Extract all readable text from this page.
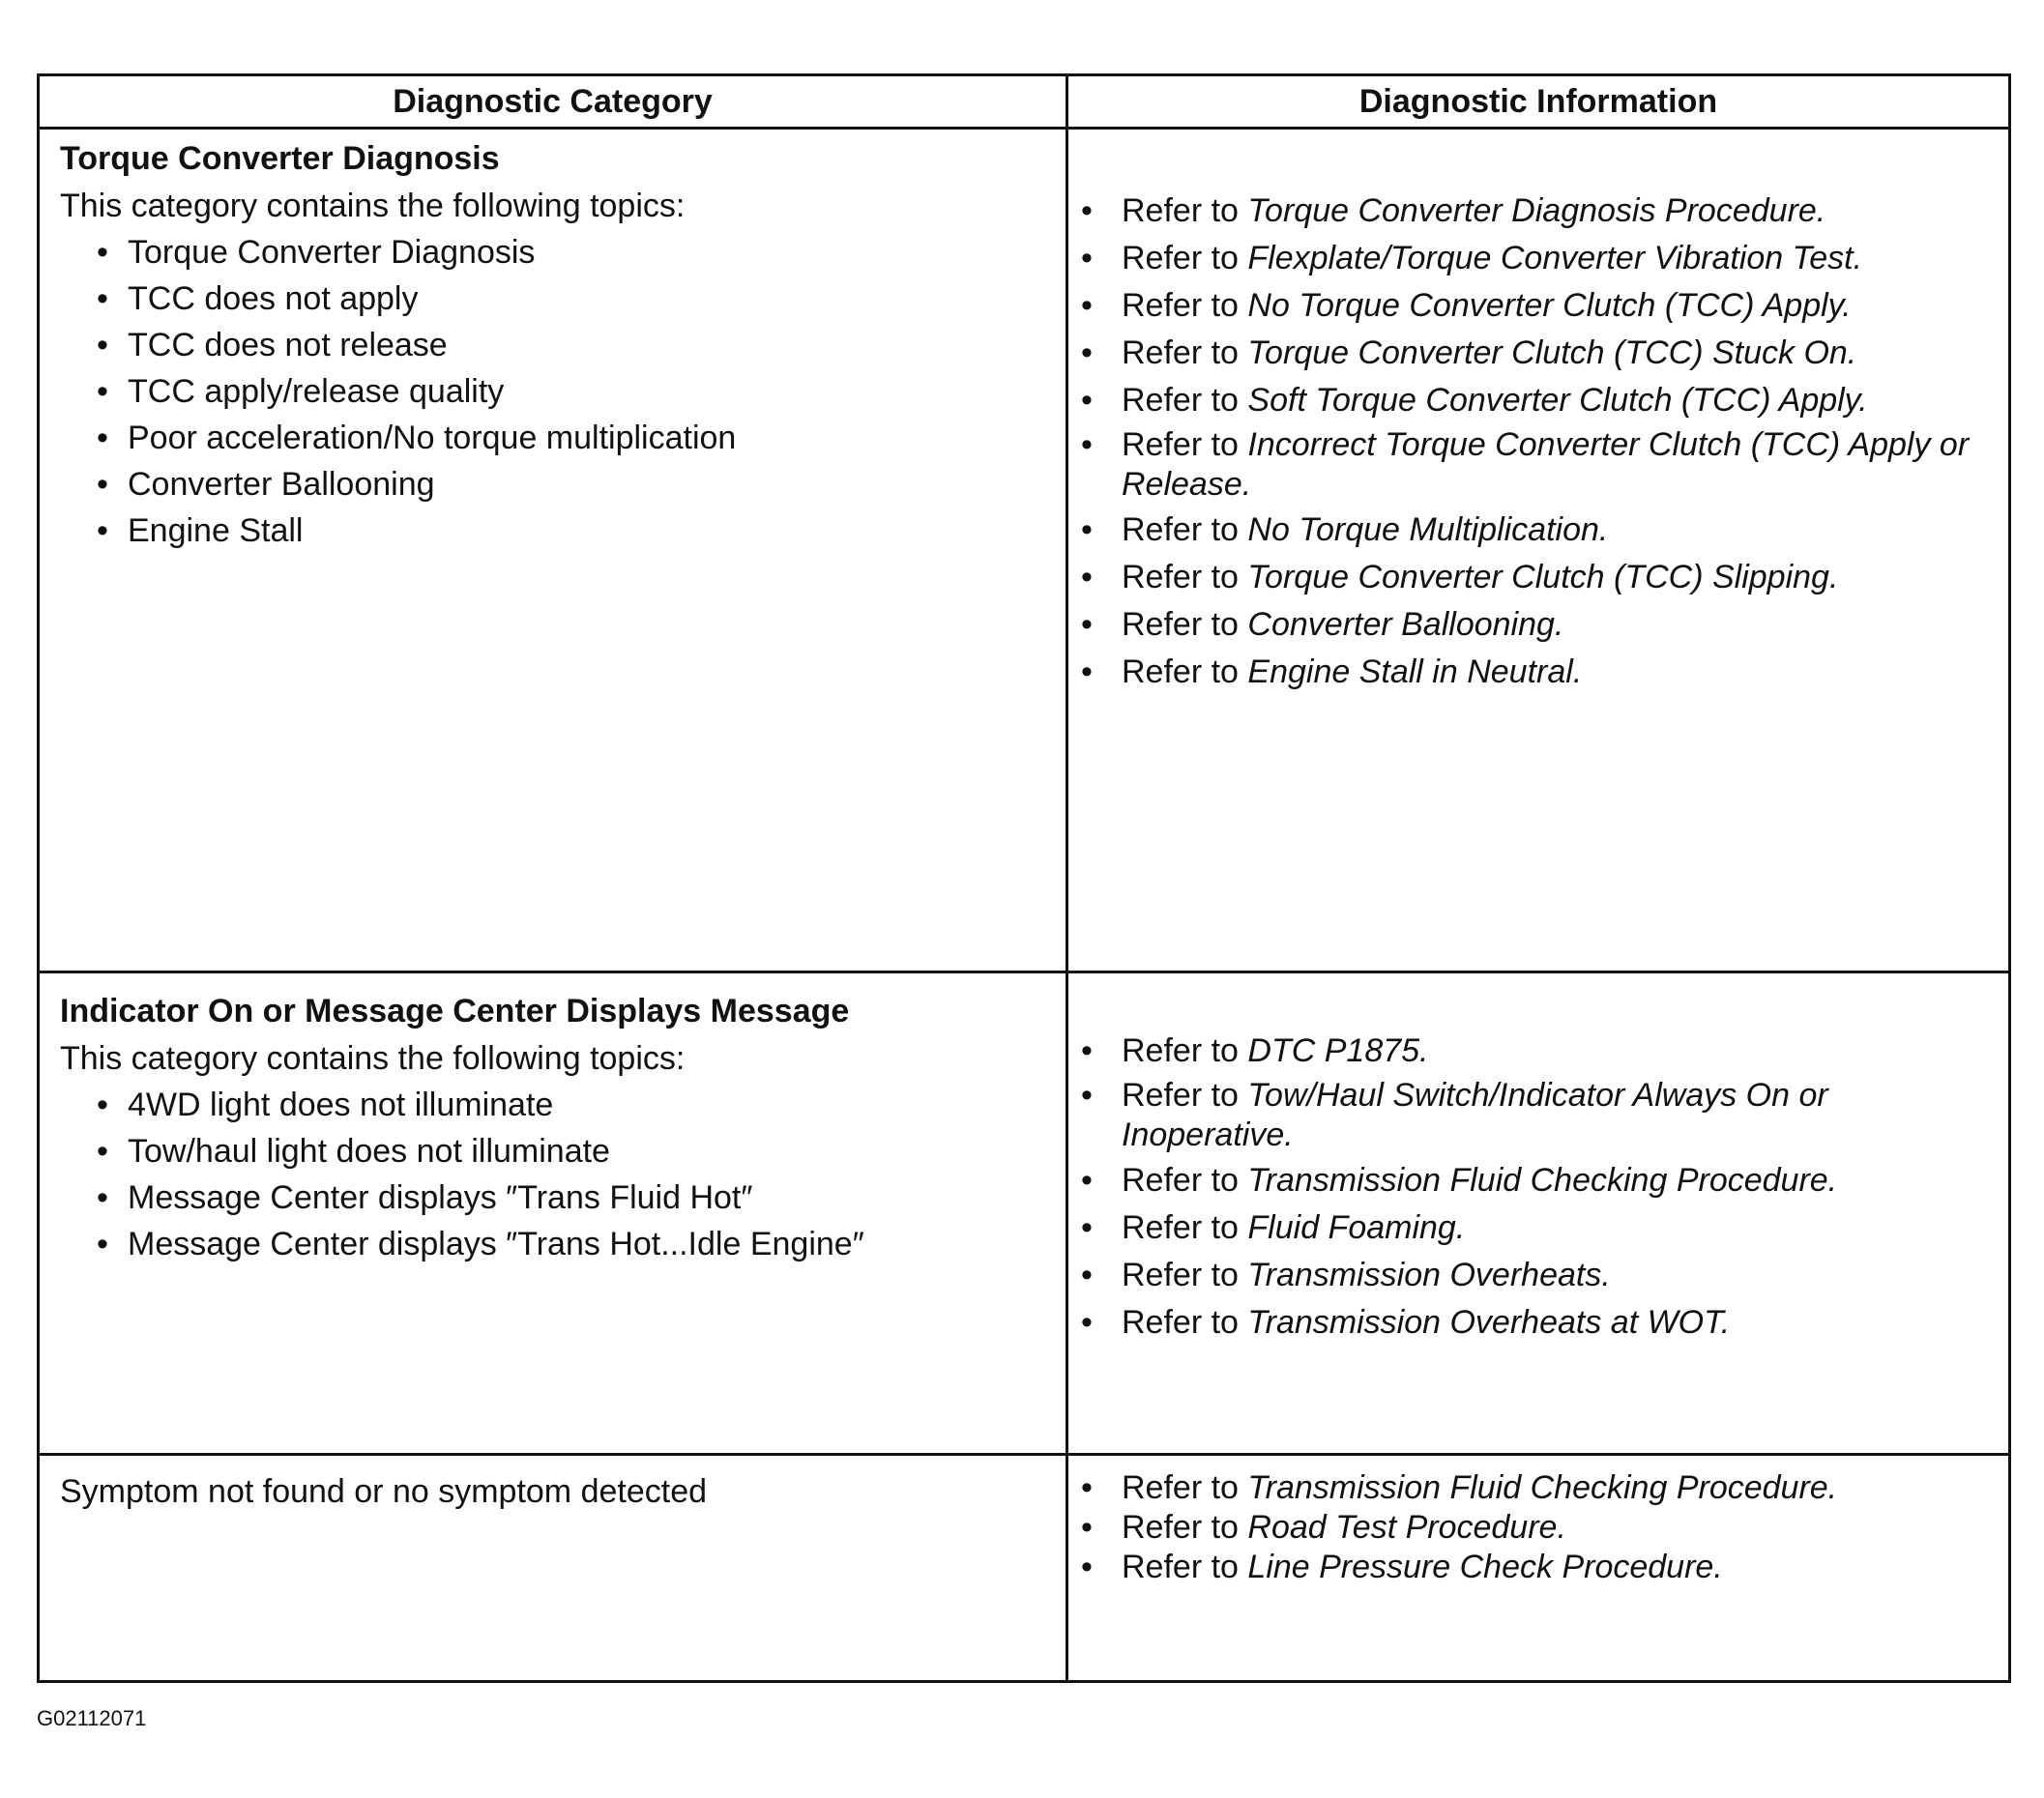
Diagnostic Category	Diagnostic Information
Torque Converter Diagnosis
This category contains the following topics:
• Torque Converter Diagnosis
• TCC does not apply
• TCC does not release
• TCC apply/release quality
• Poor acceleration/No torque multiplication
• Converter Ballooning
• Engine Stall
• Refer to Torque Converter Diagnosis Procedure.
• Refer to Flexplate/Torque Converter Vibration Test.
• Refer to No Torque Converter Clutch (TCC) Apply.
• Refer to Torque Converter Clutch (TCC) Stuck On.
• Refer to Soft Torque Converter Clutch (TCC) Apply.
• Refer to Incorrect Torque Converter Clutch (TCC) Apply or Release.
• Refer to No Torque Multiplication.
• Refer to Torque Converter Clutch (TCC) Slipping.
• Refer to Converter Ballooning.
• Refer to Engine Stall in Neutral.
Indicator On or Message Center Displays Message
This category contains the following topics:
• 4WD light does not illuminate
• Tow/haul light does not illuminate
• Message Center displays ″Trans Fluid Hot″
• Message Center displays ″Trans Hot...Idle Engine″
• Refer to DTC P1875.
• Refer to Tow/Haul Switch/Indicator Always On or Inoperative.
• Refer to Transmission Fluid Checking Procedure.
• Refer to Fluid Foaming.
• Refer to Transmission Overheats.
• Refer to Transmission Overheats at WOT.
Symptom not found or no symptom detected
•	Refer to Transmission Fluid Checking Procedure.
• Refer to Road Test Procedure.
• Refer to Line Pressure Check Procedure.
G02112071
